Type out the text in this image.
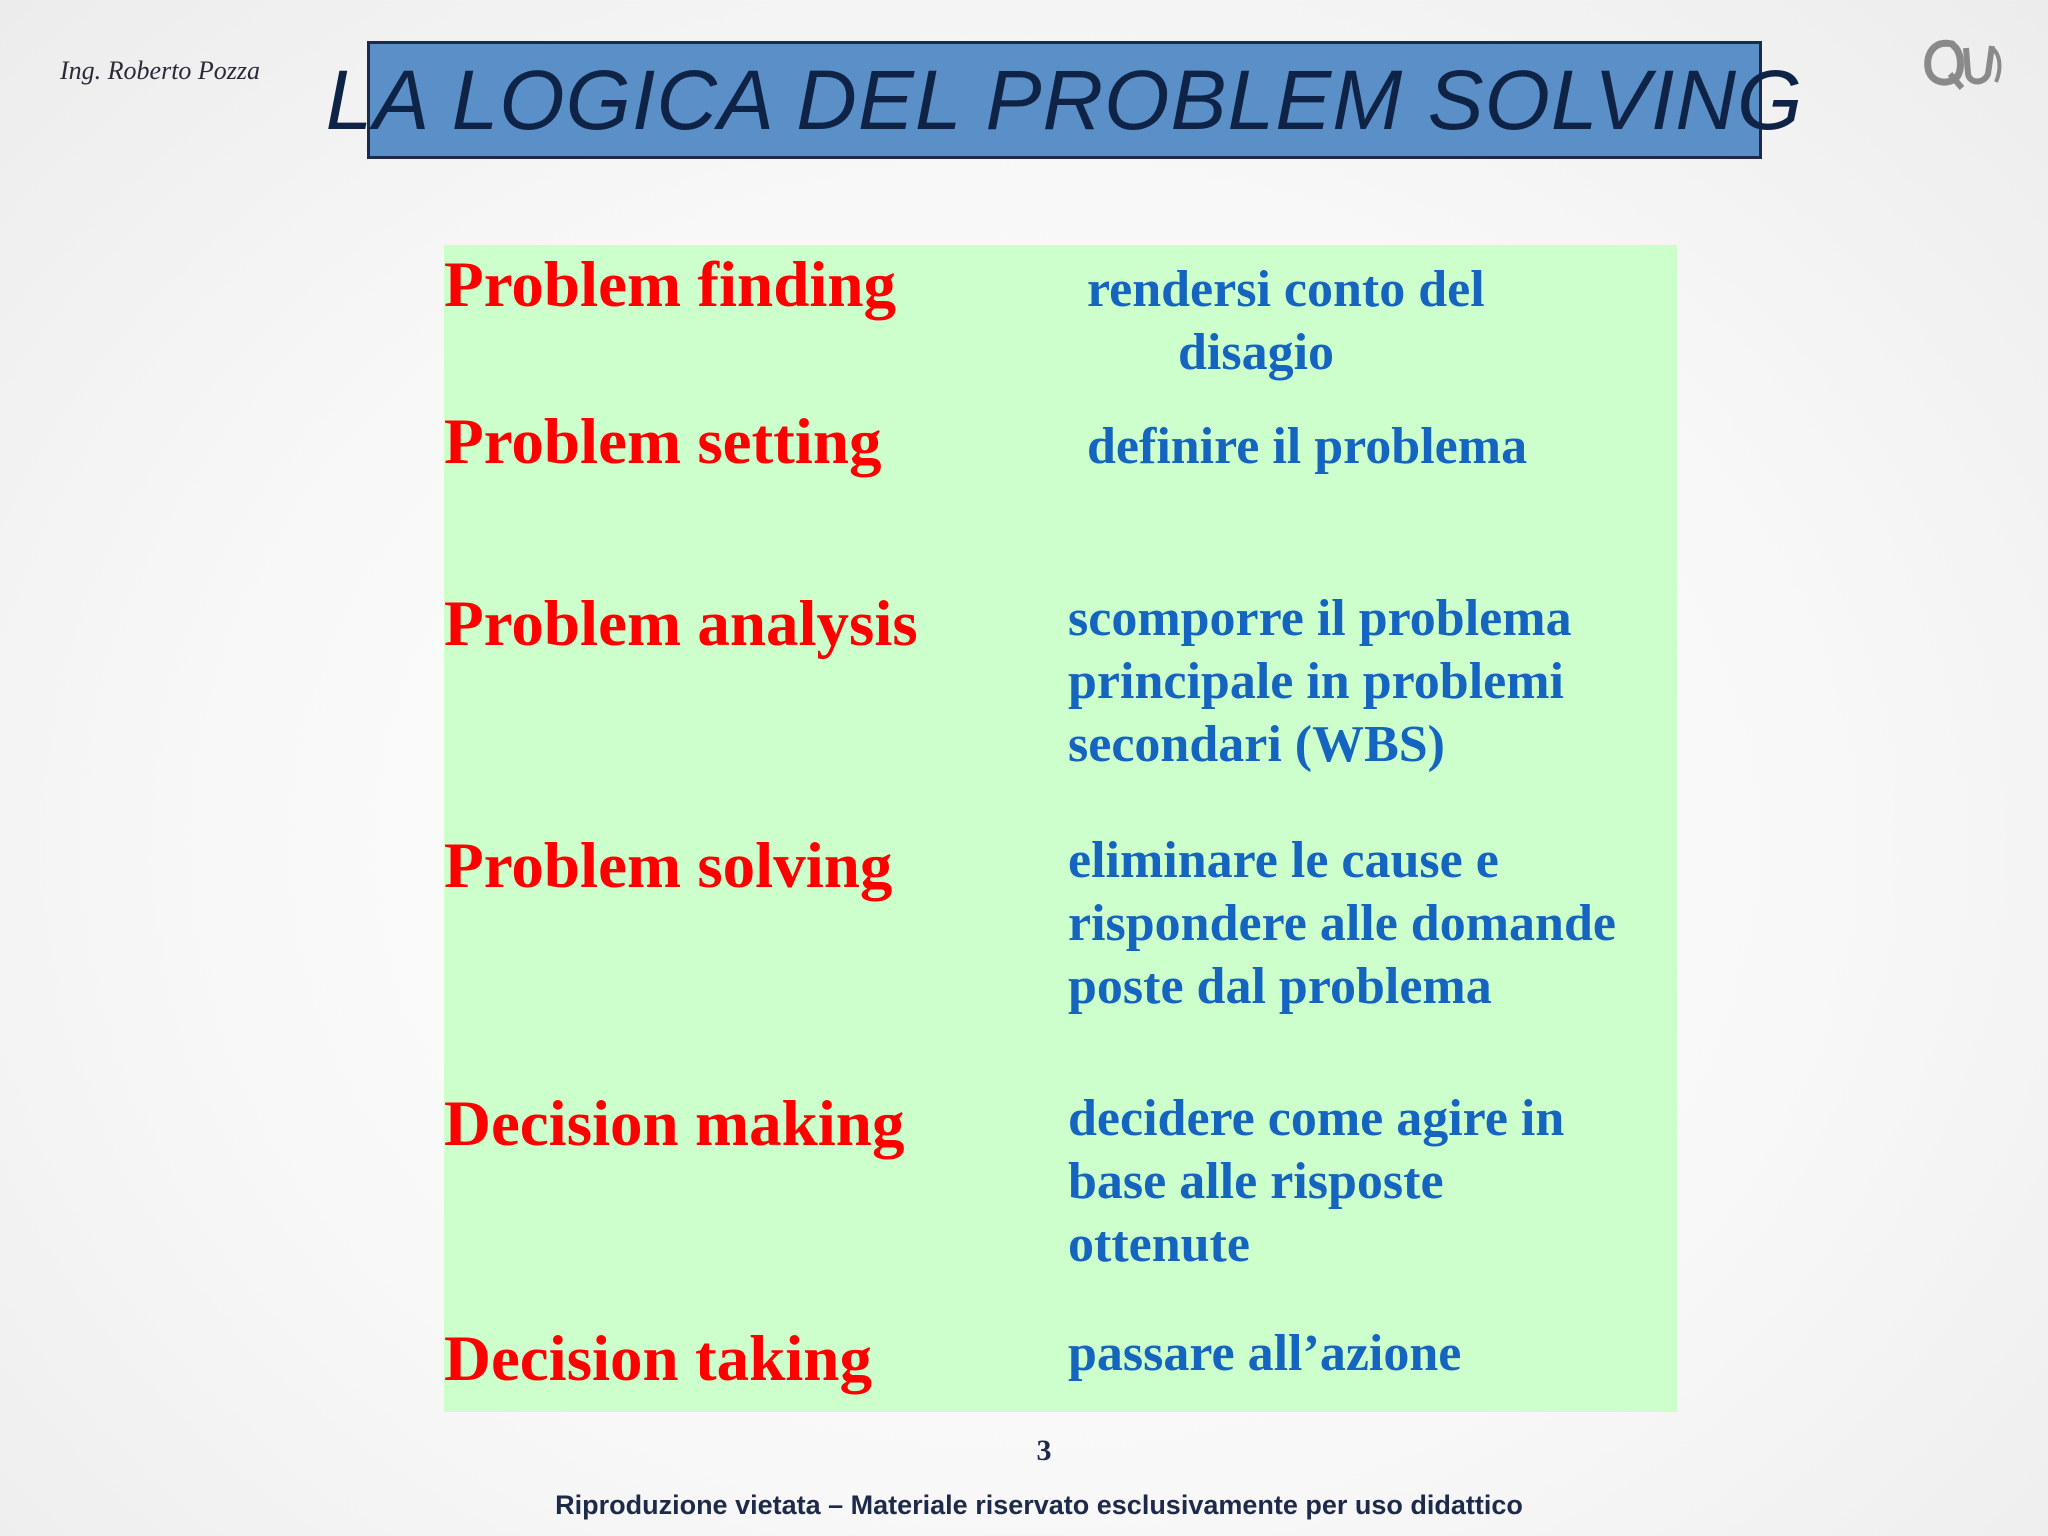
Ing. Roberto Pozza LA LOGICA DEL PROBLEM SOLVING
Problem finding	rendersi conto del
disagio
Problem setting	definire il problema
Problem analysis	scomporre il problema
principale in problemi
secondari (WBS)
Problem solving	eliminare le cause e
rispondere alle domande
poste dal problema
Decision making	decidere come agire in
base alle risposte
ottenute
Decision taking	passare all’azione
3
Riproduzione vietata – Materiale riservato esclusivamente per uso didattico
